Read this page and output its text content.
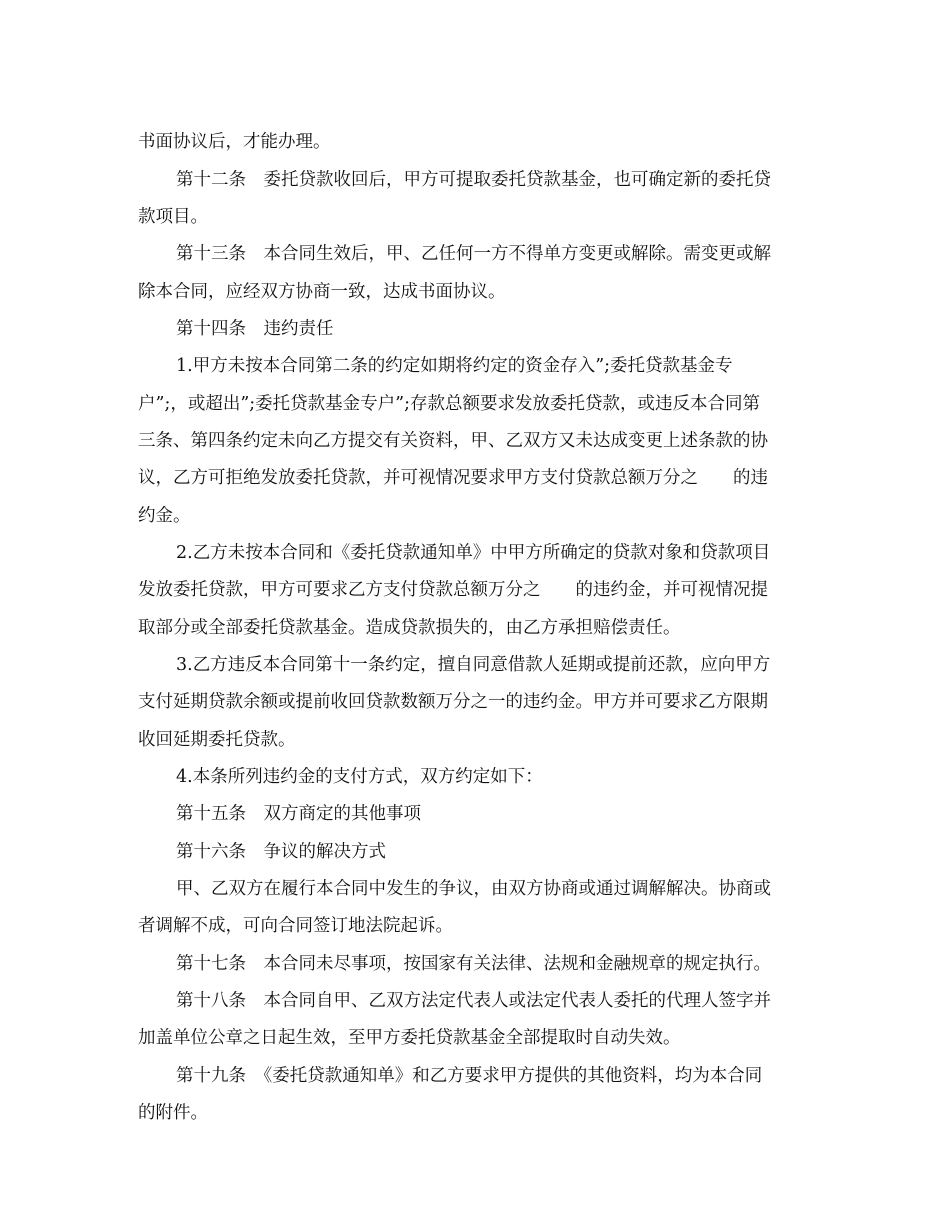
书面协议后，才能办理。
第十二条　委托贷款收回后，甲方可提取委托贷款基金，也可确定新的委托贷
款项目。
第十三条　本合同生效后，甲、乙任何一方不得单方变更或解除。需变更或解
除本合同，应经双方协商一致，达成书面协议。
第十四条　违约责任
1.甲方未按本合同第二条的约定如期将约定的资金存入”;委托贷款基金专
户”;，或超出”;委托贷款基金专户”;存款总额要求发放委托贷款，或违反本合同第
三条、第四条约定未向乙方提交有关资料，甲、乙双方又未达成变更上述条款的协
议，乙方可拒绝发放委托贷款，并可视情况要求甲方支付贷款总额万分之　　的违
约金。
2.乙方未按本合同和《委托贷款通知单》中甲方所确定的贷款对象和贷款项目
发放委托贷款，甲方可要求乙方支付贷款总额万分之　　的违约金，并可视情况提
取部分或全部委托贷款基金。造成贷款损失的，由乙方承担赔偿责任。
3.乙方违反本合同第十一条约定，擅自同意借款人延期或提前还款，应向甲方
支付延期贷款余额或提前收回贷款数额万分之一的违约金。甲方并可要求乙方限期
收回延期委托贷款。
4.本条所列违约金的支付方式，双方约定如下：
第十五条　双方商定的其他事项
第十六条　争议的解决方式
甲、乙双方在履行本合同中发生的争议，由双方协商或通过调解解决。协商或
者调解不成，可向合同签订地法院起诉。
第十七条　本合同未尽事项，按国家有关法律、法规和金融规章的规定执行。
第十八条　本合同自甲、乙双方法定代表人或法定代表人委托的代理人签字并
加盖单位公章之日起生效，至甲方委托贷款基金全部提取时自动失效。
第十九条　《委托贷款通知单》和乙方要求甲方提供的其他资料，均为本合同
的附件。
